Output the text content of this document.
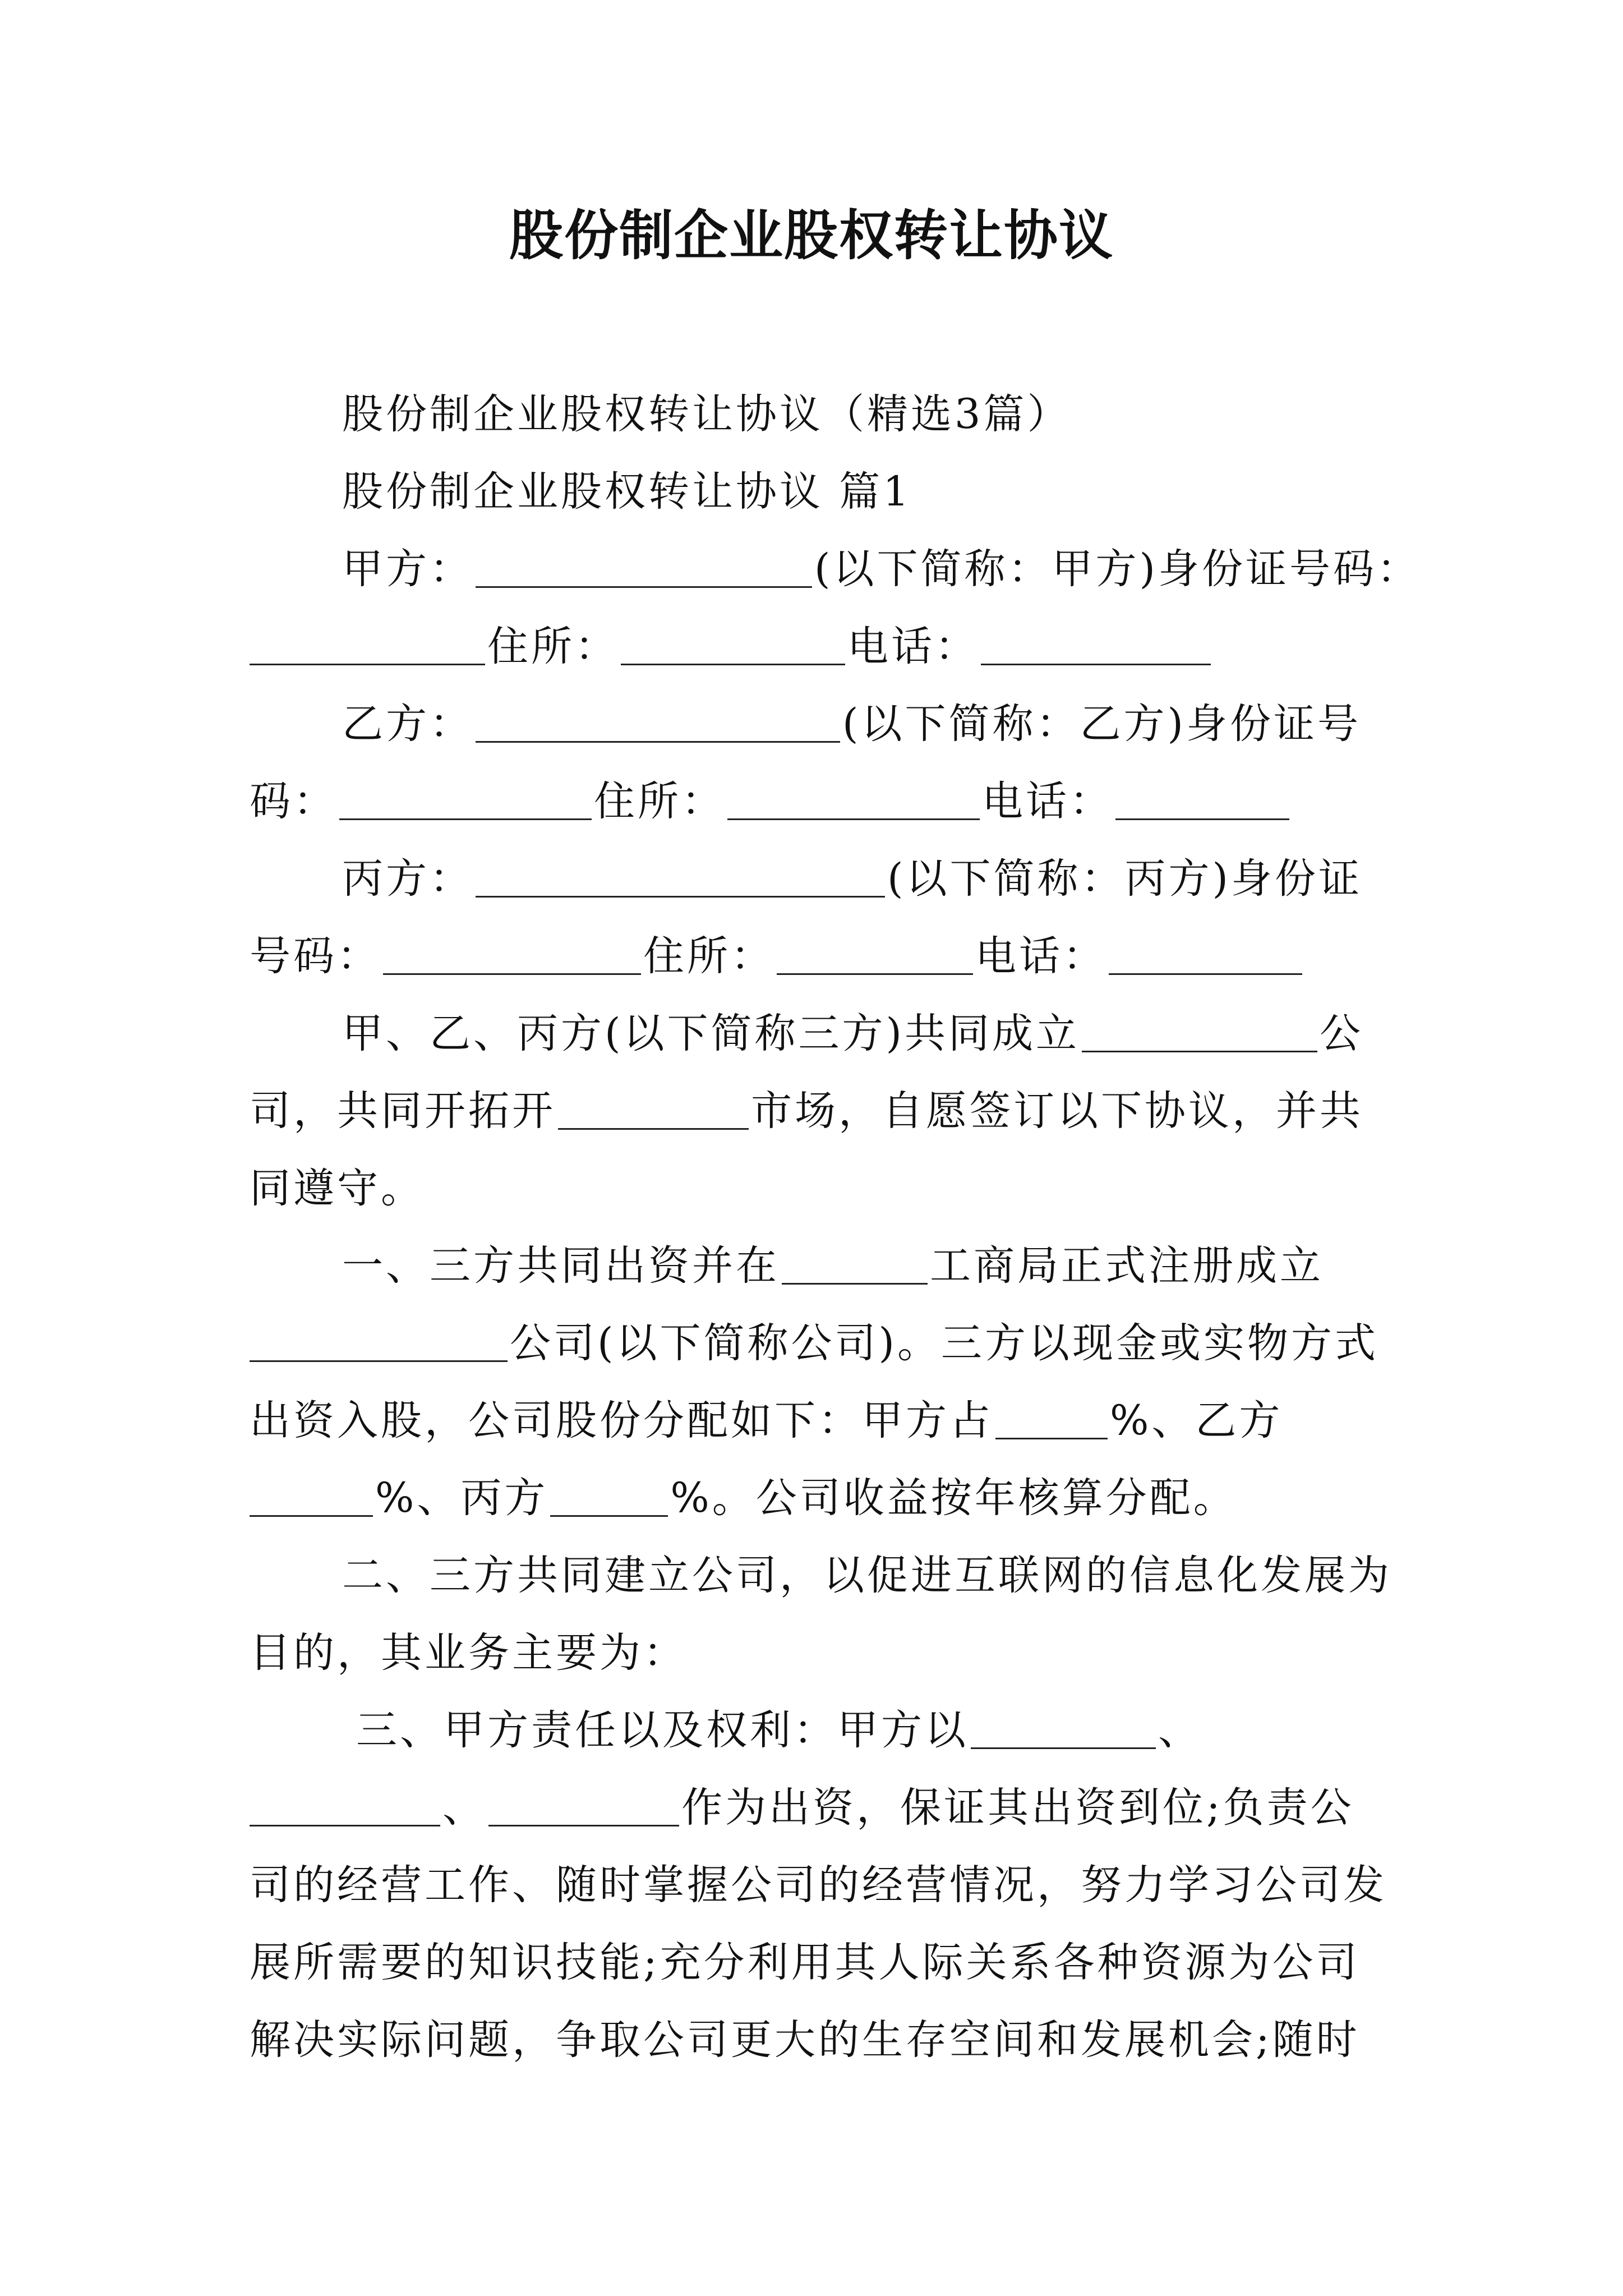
股份制企业股权转让协议
股份制企业股权转让协议（精选3篇）
股份制企业股权转让协议 篇1
甲方：	(以下简称：甲方)身份证号码：
住所：	电话：
乙方：	(以下简称：乙方)身份证号
码：	住所：	电话：
丙方：	(以下简称：丙方)身份证
号码：	住所：	电话：
甲、乙、丙方(以下简称三方)共同成立	公
司，共同开拓开	市场，自愿签订以下协议，并共
同遵守。
一、三方共同出资并在	工商局正式注册成立
公司(以下简称公司)。三方以现金或实物方式
出资入股，公司股份分配如下：甲方占	%、乙方
%、丙方	%。公司收益按年核算分配。
二、三方共同建立公司，以促进互联网的信息化发展为
目的，其业务主要为：
三、甲方责任以及权利：甲方以	、
、	作为出资，保证其出资到位;负责公
司的经营工作、随时掌握公司的经营情况，努力学习公司发
展所需要的知识技能;充分利用其人际关系各种资源为公司
解决实际问题，争取公司更大的生存空间和发展机会;随时
